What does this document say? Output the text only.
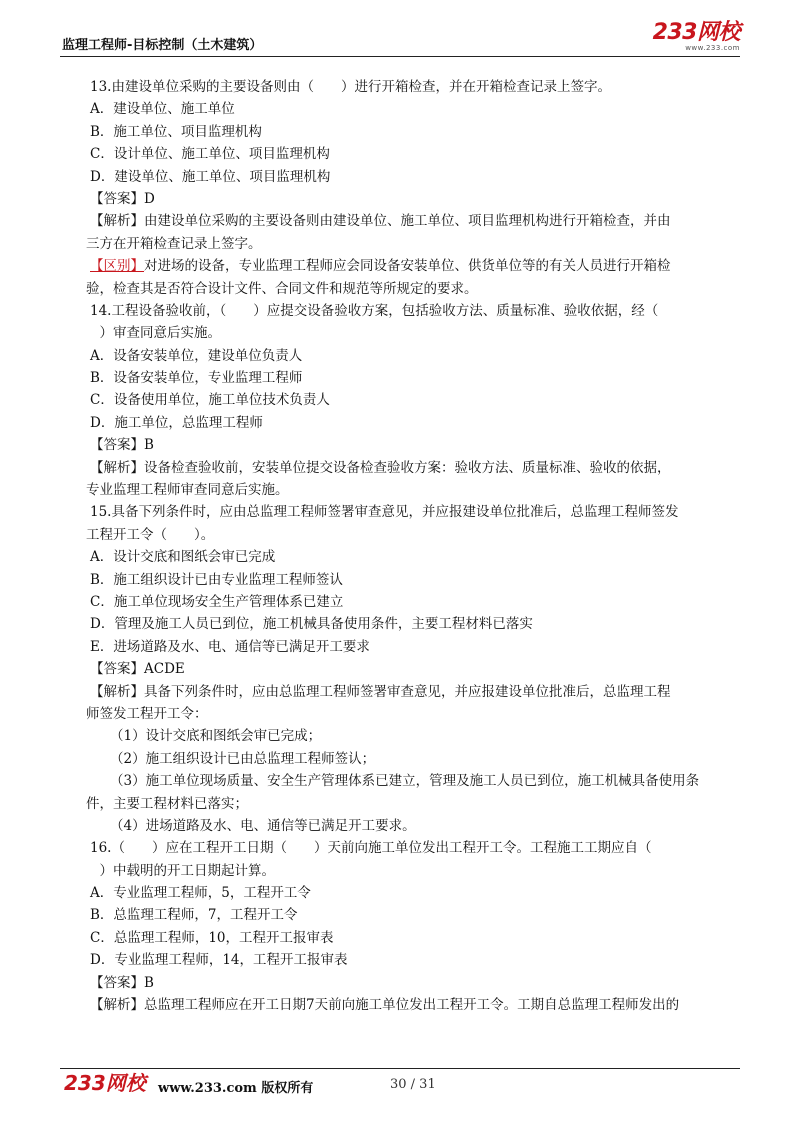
监理工程师-目标控制（土木建筑）
233网校
www.233.com
13.由建设单位采购的主要设备则由（　　）进行开箱检查，并在开箱检查记录上签字。
A．建设单位、施工单位
B．施工单位、项目监理机构
C．设计单位、施工单位、项目监理机构
D．建设单位、施工单位、项目监理机构
【答案】D
【解析】由建设单位采购的主要设备则由建设单位、施工单位、项目监理机构进行开箱检查，并由
三方在开箱检查记录上签字。
【区别】对进场的设备，专业监理工程师应会同设备安装单位、供货单位等的有关人员进行开箱检
验，检查其是否符合设计文件、合同文件和规范等所规定的要求。
14.工程设备验收前，（　　）应提交设备验收方案，包括验收方法、质量标准、验收依据，经（
　）审查同意后实施。
A．设备安装单位，建设单位负责人
B．设备安装单位，专业监理工程师
C．设备使用单位，施工单位技术负责人
D．施工单位，总监理工程师
【答案】B
【解析】设备检查验收前，安装单位提交设备检查验收方案：验收方法、质量标准、验收的依据，
专业监理工程师审查同意后实施。
15.具备下列条件时，应由总监理工程师签署审查意见，并应报建设单位批准后，总监理工程师签发
工程开工令（　　）。
A．设计交底和图纸会审已完成
B．施工组织设计已由专业监理工程师签认
C．施工单位现场安全生产管理体系已建立
D．管理及施工人员已到位，施工机械具备使用条件，主要工程材料已落实
E．进场道路及水、电、通信等已满足开工要求
【答案】ACDE
【解析】具备下列条件时，应由总监理工程师签署审查意见，并应报建设单位批准后，总监理工程
师签发工程开工令：
（1）设计交底和图纸会审已完成；
（2）施工组织设计已由总监理工程师签认；
（3）施工单位现场质量、安全生产管理体系已建立，管理及施工人员已到位，施工机械具备使用条
件，主要工程材料已落实；
（4）进场道路及水、电、通信等已满足开工要求。
16.（　　）应在工程开工日期（　　）天前向施工单位发出工程开工令。工程施工工期应自（
　）中载明的开工日期起计算。
A．专业监理工程师，5，工程开工令
B．总监理工程师，7，工程开工令
C．总监理工程师，10，工程开工报审表
D．专业监理工程师，14，工程开工报审表
【答案】B
【解析】总监理工程师应在开工日期7天前向施工单位发出工程开工令。工期自总监理工程师发出的
233网校 www.233.com 版权所有	30 / 31
